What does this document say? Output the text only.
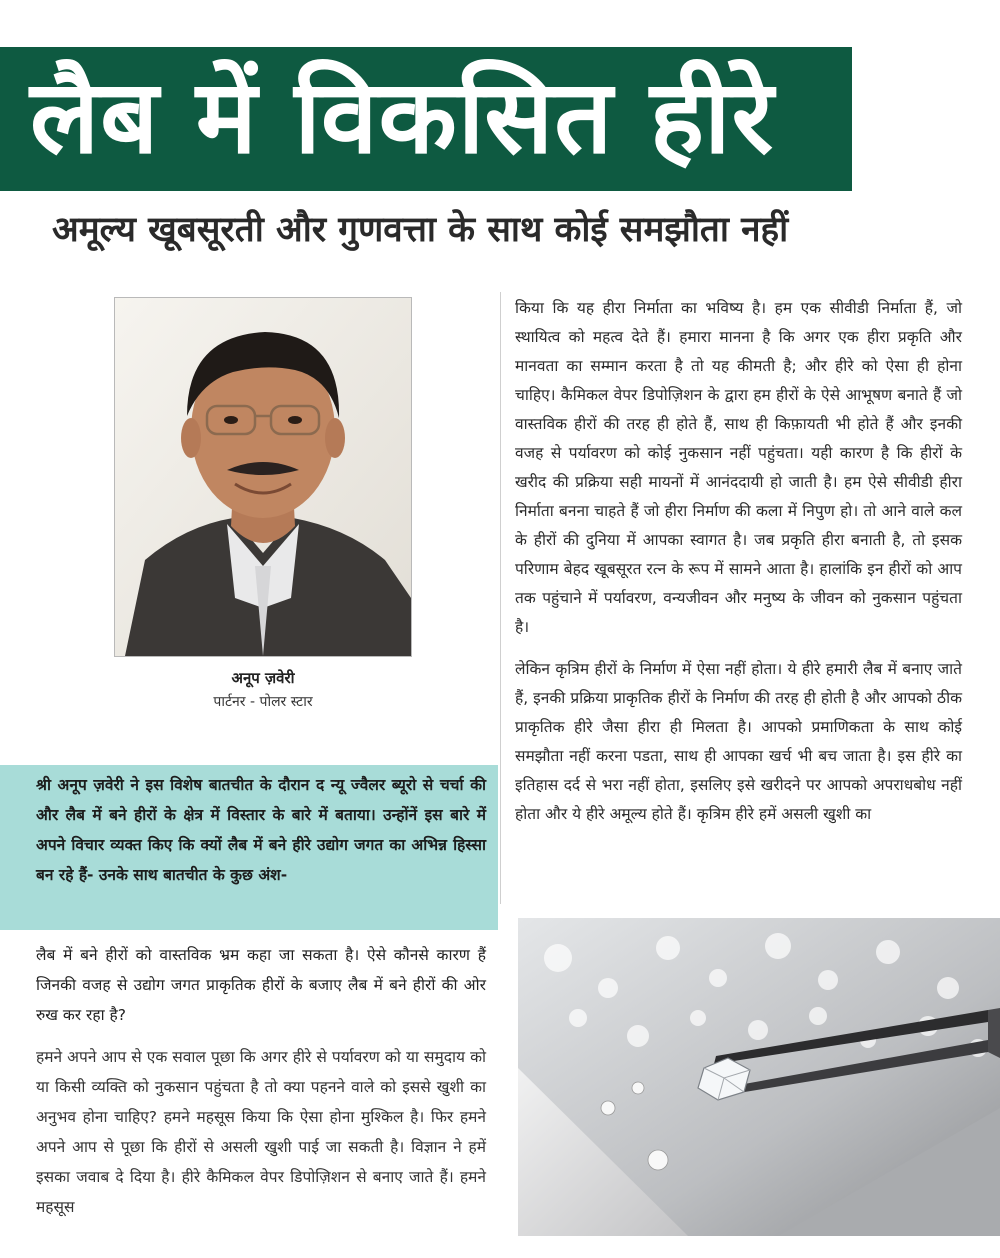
लैब में विकसित हीरे
अमूल्य खूबसूरती और गुणवत्ता के साथ कोई समझौता नहीं
अनूप ज़वेरी
पार्टनर - पोलर स्टार

किया कि यह हीरा निर्माता का भविष्य है। हम एक सीवीडी निर्माता हैं, जो स्थायित्व को महत्व देते हैं। हमारा मानना है कि अगर एक हीरा प्रकृति और मानवता का सम्मान करता है तो यह कीमती है; और हीरे को ऐसा ही होना चाहिए। कैमिकल वेपर डिपोज़िशन के द्वारा हम हीरों के ऐसे आभूषण बनाते हैं जो वास्तविक हीरों की तरह ही होते हैं, साथ ही किफ़ायती भी होते हैं और इनकी वजह से पर्यावरण को कोई नुकसान नहीं पहुंचता। यही कारण है कि हीरों के खरीद की प्रक्रिया सही मायनों में आनंददायी हो जाती है। हम ऐसे सीवीडी हीरा निर्माता बनना चाहते हैं जो हीरा निर्माण की कला में निपुण हो। तो आने वाले कल के हीरों की दुनिया में आपका स्वागत है। जब प्रकृति हीरा बनाती है, तो इसक परिणाम बेहद खूबसूरत रत्न के रूप में सामने आता है। हालांकि इन हीरों को आप तक पहुंचाने में पर्यावरण, वन्यजीवन और मनुष्य के जीवन को नुकसान पहुंचता है।

लेकिन कृत्रिम हीरों के निर्माण में ऐसा नहीं होता। ये हीरे हमारी लैब में बनाए जाते हैं, इनकी प्रक्रिया प्राकृतिक हीरों के निर्माण की तरह ही होती है और आपको ठीक प्राकृतिक हीरे जैसा हीरा ही मिलता है। आपको प्रमाणिकता के साथ कोई समझौता नहीं करना पडता, साथ ही आपका खर्च भी बच जाता है। इस हीरे का इतिहास दर्द से भरा नहीं होता, इसलिए इसे खरीदने पर आपको अपराधबोध नहीं होता और ये हीरे अमूल्य होते हैं। कृत्रिम हीरे हमें असली खुशी का

श्री अनूप ज़वेरी ने इस विशेष बातचीत के दौरान द न्यू ज्वैलर ब्यूरो से चर्चा की और लैब में बने हीरों के क्षेत्र में विस्तार के बारे में बताया। उन्होंनें इस बारे में अपने विचार व्यक्त किए कि क्यों लैब में बने हीरे उद्योग जगत का अभिन्न हिस्सा बन रहे हैं- उनके साथ बातचीत के कुछ अंश-

लैब में बने हीरों को वास्तविक भ्रम कहा जा सकता है। ऐसे कौनसे कारण हैं जिनकी वजह से उद्योग जगत प्राकृतिक हीरों के बजाए लैब में बने हीरों की ओर रुख कर रहा है?

हमने अपने आप से एक सवाल पूछा कि अगर हीरे से पर्यावरण को या समुदाय को या किसी व्यक्ति को नुकसान पहुंचता है तो क्या पहनने वाले को इससे खुशी का अनुभव होना चाहिए? हमने महसूस किया कि ऐसा होना मुश्किल है। फिर हमने अपने आप से पूछा कि हीरों से असली खुशी पाई जा सकती है। विज्ञान ने हमें इसका जवाब दे दिया है। हीरे कैमिकल वेपर डिपोज़िशन से बनाए जाते हैं। हमने महसूस
